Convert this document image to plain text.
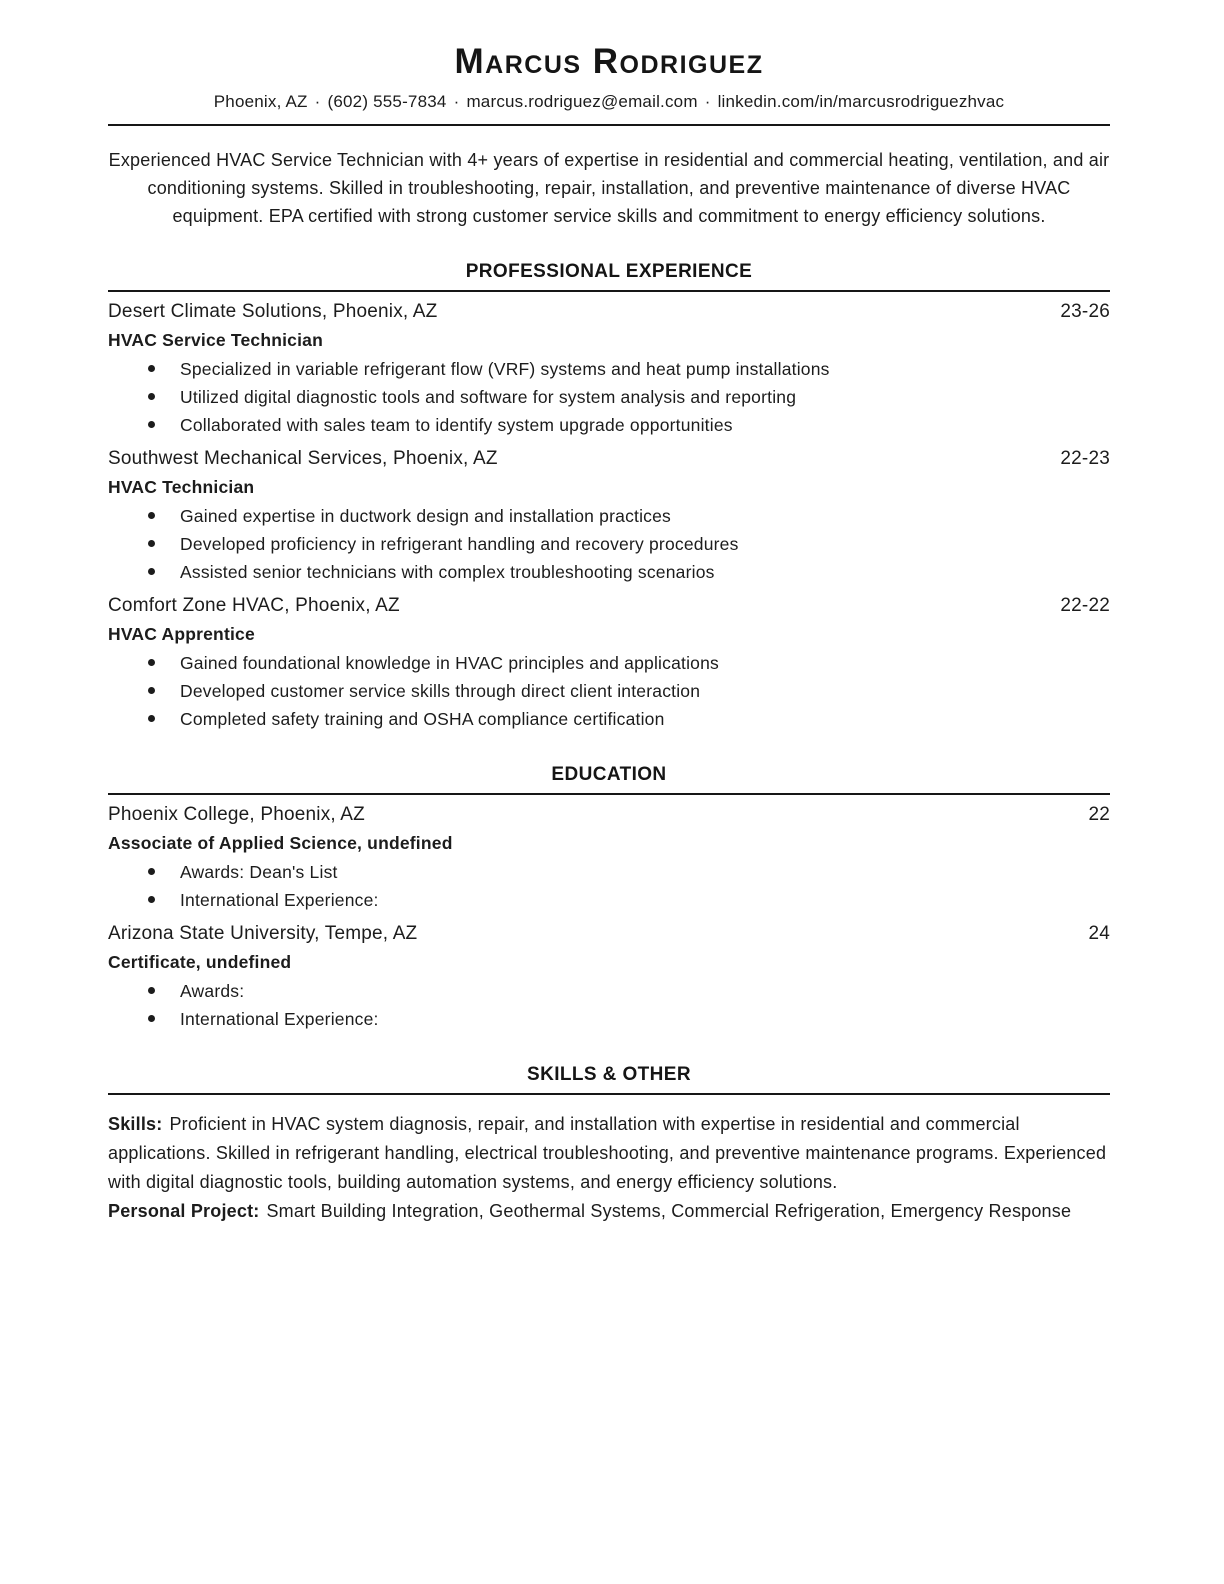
Marcus Rodriguez
Phoenix, AZ · (602) 555-7834 · marcus.rodriguez@email.com · linkedin.com/in/marcusrodriguezhvac

Experienced HVAC Service Technician with 4+ years of expertise in residential and commercial heating, ventilation, and air conditioning systems. Skilled in troubleshooting, repair, installation, and preventive maintenance of diverse HVAC equipment. EPA certified with strong customer service skills and commitment to energy efficiency solutions.

PROFESSIONAL EXPERIENCE
Desert Climate Solutions, Phoenix, AZ	23-26
HVAC Service Technician
Specialized in variable refrigerant flow (VRF) systems and heat pump installations
Utilized digital diagnostic tools and software for system analysis and reporting
Collaborated with sales team to identify system upgrade opportunities
Southwest Mechanical Services, Phoenix, AZ	22-23
HVAC Technician
Gained expertise in ductwork design and installation practices
Developed proficiency in refrigerant handling and recovery procedures
Assisted senior technicians with complex troubleshooting scenarios
Comfort Zone HVAC, Phoenix, AZ	22-22
HVAC Apprentice
Gained foundational knowledge in HVAC principles and applications
Developed customer service skills through direct client interaction
Completed safety training and OSHA compliance certification
EDUCATION
Phoenix College, Phoenix, AZ	22
Associate of Applied Science, undefined
Awards: Dean's List
International Experience:
Arizona State University, Tempe, AZ	24
Certificate, undefined
Awards:
International Experience:
SKILLS & OTHER

Skills: Proficient in HVAC system diagnosis, repair, and installation with expertise in residential and commercial applications. Skilled in refrigerant handling, electrical troubleshooting, and preventive maintenance programs. Experienced with digital diagnostic tools, building automation systems, and energy efficiency solutions.

Personal Project: Smart Building Integration, Geothermal Systems, Commercial Refrigeration, Emergency Response
